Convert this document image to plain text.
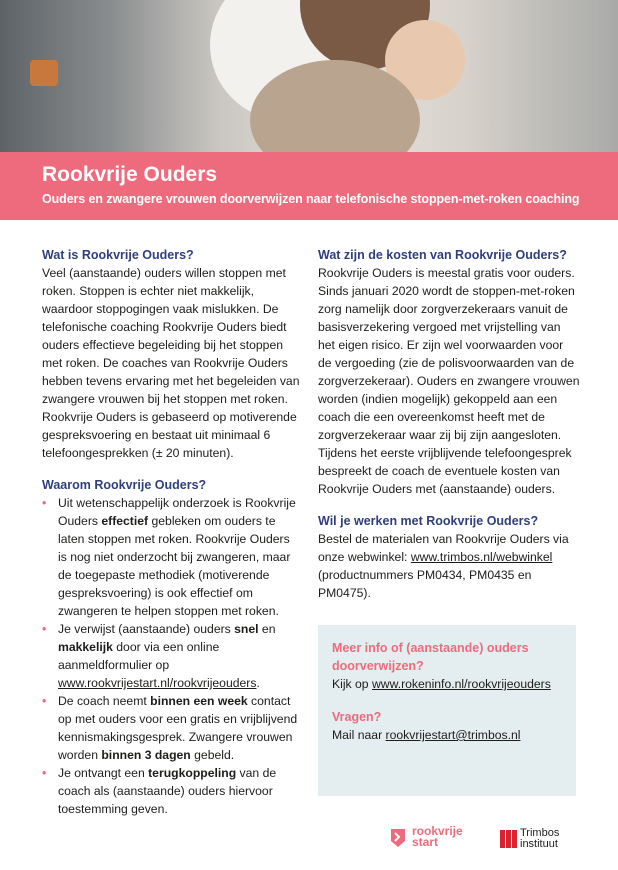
Rookvrije Ouders
Ouders en zwangere vrouwen doorverwijzen naar telefonische stoppen-met-roken coaching
Wat is Rookvrije Ouders?

Veel (aanstaande) ouders willen stoppen met roken. Stoppen is echter niet makkelijk, waardoor stoppogingen vaak mislukken. De telefonische coaching Rookvrije Ouders biedt ouders effectieve begeleiding bij het stoppen met roken. De coaches van Rookvrije Ouders hebben tevens ervaring met het begeleiden van zwangere vrouwen bij het stoppen met roken. Rookvrije Ouders is gebaseerd op motiverende gespreksvoering en bestaat uit minimaal 6 telefoongesprekken (± 20 minuten).

Waarom Rookvrije Ouders?
• Uit wetenschappelijk onderzoek is Rookvrije Ouders effectief gebleken om ouders te laten stoppen met roken. Rookvrije Ouders is nog niet onderzocht bij zwangeren, maar de toegepaste methodiek (motiverende gespreksvoering) is ook effectief om zwangeren te helpen stoppen met roken.
• Je verwijst (aanstaande) ouders snel en makkelijk door via een online aanmeldformulier op www.rookvrijestart.nl/rookvrijeouders.
• De coach neemt binnen een week contact op met ouders voor een gratis en vrijblijvend kennismakingsgesprek. Zwangere vrouwen worden binnen 3 dagen gebeld.
• Je ontvangt een terugkoppeling van de coach als (aanstaande) ouders hiervoor toestemming geven.
Wat zijn de kosten van Rookvrije Ouders?

Rookvrije Ouders is meestal gratis voor ouders. Sinds januari 2020 wordt de stoppen-met-roken zorg namelijk door zorgverzekeraars vanuit de basisverzekering vergoed met vrijstelling van het eigen risico. Er zijn wel voorwaarden voor de vergoeding (zie de polisvoorwaarden van de zorgverzekeraar). Ouders en zwangere vrouwen worden (indien mogelijk) gekoppeld aan een coach die een overeenkomst heeft met de zorgverzekeraar waar zij bij zijn aangesloten. Tijdens het eerste vrijblijvende telefoongesprek bespreekt de coach de eventuele kosten van Rookvrije Ouders met (aanstaande) ouders.

Wil je werken met Rookvrije Ouders?

Bestel de materialen van Rookvrije Ouders via onze webwinkel: www.trimbos.nl/webwinkel (productnummers PM0434, PM0435 en PM0475).

Meer info of (aanstaande) ouders doorverwijzen?

Kijk op www.rokeninfo.nl/rookvrijeouders

Vragen?

Mail naar rookvrijestart@trimbos.nl

rookvrije
start
Trimbos
instituut
